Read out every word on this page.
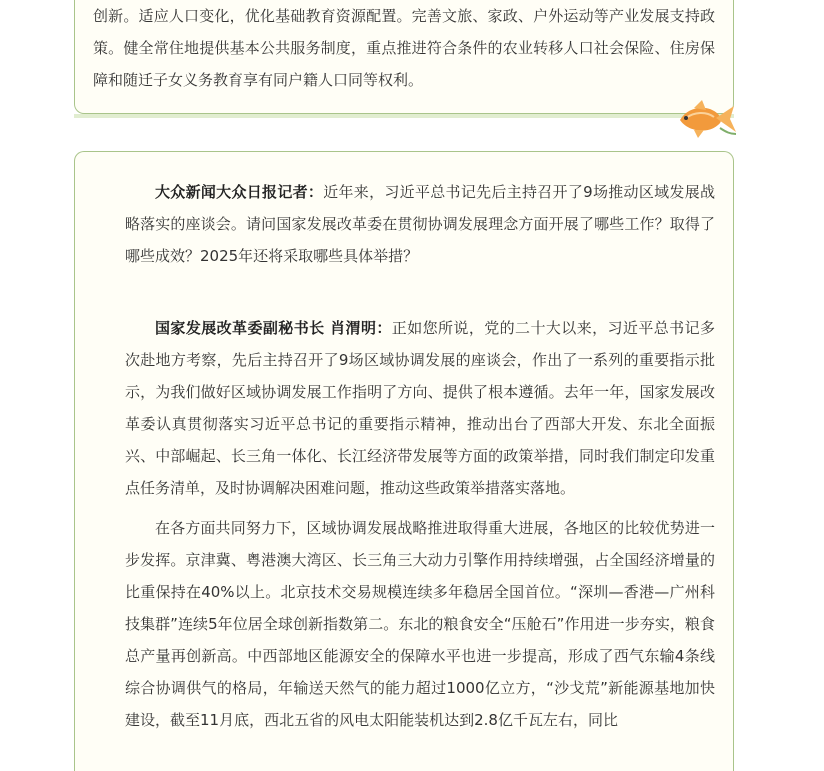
创新。适应人口变化，优化基础教育资源配置。完善文旅、家政、户外运动等产业发展支持政策。健全常住地提供基本公共服务制度，重点推进符合条件的农业转移人口社会保险、住房保障和随迁子女义务教育享有同户籍人口同等权利。

大众新闻大众日报记者：近年来，习近平总书记先后主持召开了9场推动区域发展战略落实的座谈会。请问国家发展改革委在贯彻协调发展理念方面开展了哪些工作？取得了哪些成效？2025年还将采取哪些具体举措？

国家发展改革委副秘书长 肖渭明：正如您所说，党的二十大以来，习近平总书记多次赴地方考察，先后主持召开了9场区域协调发展的座谈会，作出了一系列的重要指示批示，为我们做好区域协调发展工作指明了方向、提供了根本遵循。去年一年，国家发展改革委认真贯彻落实习近平总书记的重要指示精神，推动出台了西部大开发、东北全面振兴、中部崛起、长三角一体化、长江经济带发展等方面的政策举措，同时我们制定印发重点任务清单，及时协调解决困难问题，推动这些政策举措落实落地。

在各方面共同努力下，区域协调发展战略推进取得重大进展，各地区的比较优势进一步发挥。京津冀、粤港澳大湾区、长三角三大动力引擎作用持续增强，占全国经济增量的比重保持在40%以上。北京技术交易规模连续多年稳居全国首位。“深圳—香港—广州科技集群”连续5年位居全球创新指数第二。东北的粮食安全“压舱石”作用进一步夯实，粮食总产量再创新高。中西部地区能源安全的保障水平也进一步提高，形成了西气东输4条线综合协调供气的格局，年输送天然气的能力超过1000亿立方，“沙戈荒”新能源基地加快建设，截至11月底，西北五省的风电太阳能装机达到2.8亿千瓦左右，同比
